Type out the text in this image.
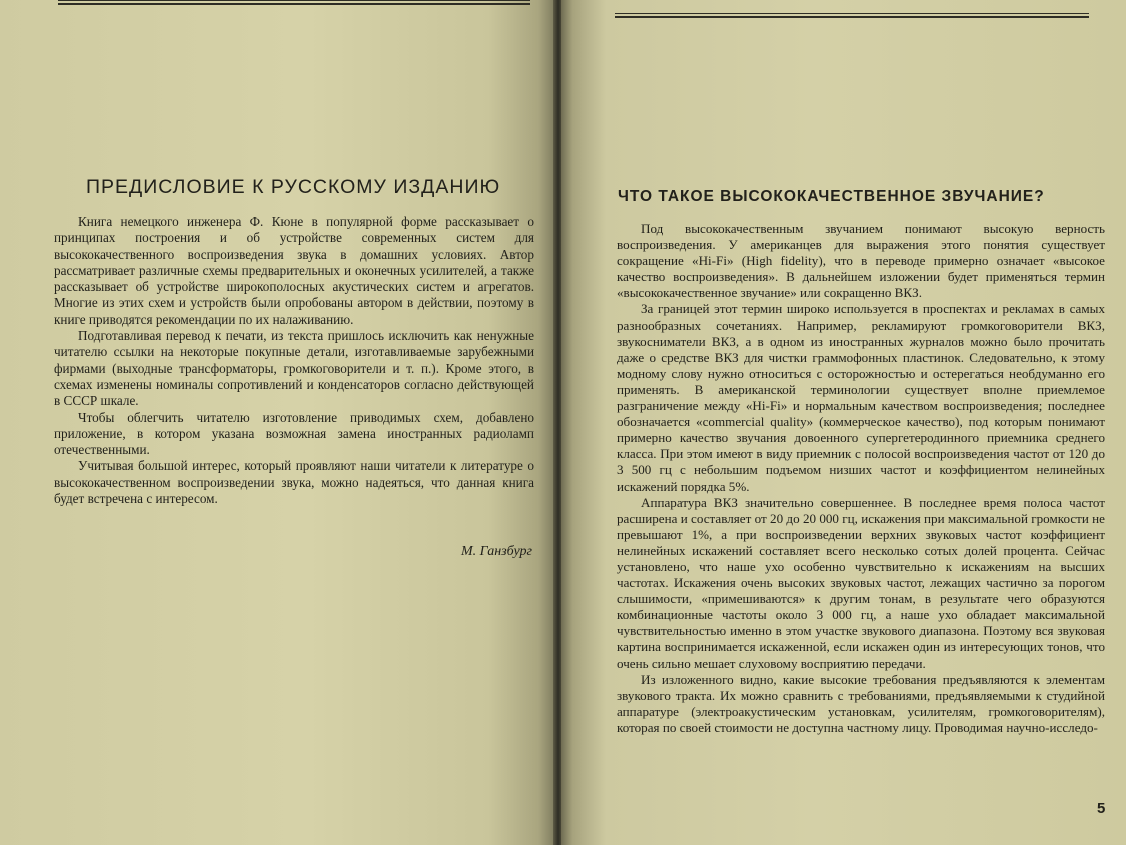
ПРЕДИСЛОВИЕ К РУССКОМУ ИЗДАНИЮ

Книга немецкого инженера Ф. Кюне в популярной форме рассказывает о принципах построения и об устройстве современных систем для высококачественного воспроизведения звука в домашних условиях. Автор рассматривает различные схемы предварительных и оконечных усилителей, а также рассказывает об устройстве широкополосных акустических систем и агрегатов. Многие из этих схем и устройств были опробованы автором в действии, поэтому в книге приводятся рекомендации по их налаживанию.

Подготавливая перевод к печати, из текста пришлось исключить как ненужные читателю ссылки на некоторые покупные детали, изготавливаемые зарубежными фирмами (выходные трансформаторы, громкоговорители и т. п.). Кроме этого, в схемах изменены номиналы сопротивлений и конденсаторов согласно действующей в СССР шкале.

Чтобы облегчить читателю изготовление приводимых схем, добавлено приложение, в котором указана возможная замена иностранных радиоламп отечественными.

Учитывая большой интерес, который проявляют наши читатели к литературе о высококачественном воспроизведении звука, можно надеяться, что данная книга будет встречена с интересом.

М. Ганзбург
ЧТО ТАКОЕ ВЫСОКОКАЧЕСТВЕННОЕ ЗВУЧАНИЕ?

Под высококачественным звучанием понимают высокую верность воспроизведения. У американцев для выражения этого понятия существует сокращение «Hi-Fi» (High fidelity), что в переводе примерно означает «высокое качество воспроизведения». В дальнейшем изложении будет применяться термин «высококачественное звучание» или сокращенно ВКЗ.

За границей этот термин широко используется в проспектах и рекламах в самых разнообразных сочетаниях. Например, рекламируют громкоговорители ВКЗ, звукосниматели ВКЗ, а в одном из иностранных журналов можно было прочитать даже о средстве ВКЗ для чистки граммофонных пластинок. Следовательно, к этому модному слову нужно относиться с осторожностью и остерегаться необдуманно его применять. В американской терминологии существует вполне приемлемое разграничение между «Hi-Fi» и нормальным качеством воспроизведения; последнее обозначается «commercial quality» (коммерческое качество), под которым понимают примерно качество звучания довоенного супергетеродинного приемника среднего класса. При этом имеют в виду приемник с полосой воспроизведения частот от 120 до 3 500 гц с небольшим подъемом низших частот и коэффициентом нелинейных искажений порядка 5%.

Аппаратура ВКЗ значительно совершеннее. В последнее время полоса частот расширена и составляет от 20 до 20 000 гц, искажения при максимальной громкости не превышают 1%, а при воспроизведении верхних звуковых частот коэффициент нелинейных искажений составляет всего несколько сотых долей процента. Сейчас установлено, что наше ухо особенно чувствительно к искажениям на высших частотах. Искажения очень высоких звуковых частот, лежащих частично за порогом слышимости, «примешиваются» к другим тонам, в результате чего образуются комбинационные частоты около 3 000 гц, а наше ухо обладает максимальной чувствительностью именно в этом участке звукового диапазона. Поэтому вся звуковая картина воспринимается искаженной, если искажен один из интересующих тонов, что очень сильно мешает слуховому восприятию передачи.

Из изложенного видно, какие высокие требования предъявляются к элементам звукового тракта. Их можно сравнить с требованиями, предъявляемыми к студийной аппаратуре (электроакустическим установкам, усилителям, громкоговорителям), которая по своей стоимости не доступна частному лицу. Проводимая научно-исследо-

5
